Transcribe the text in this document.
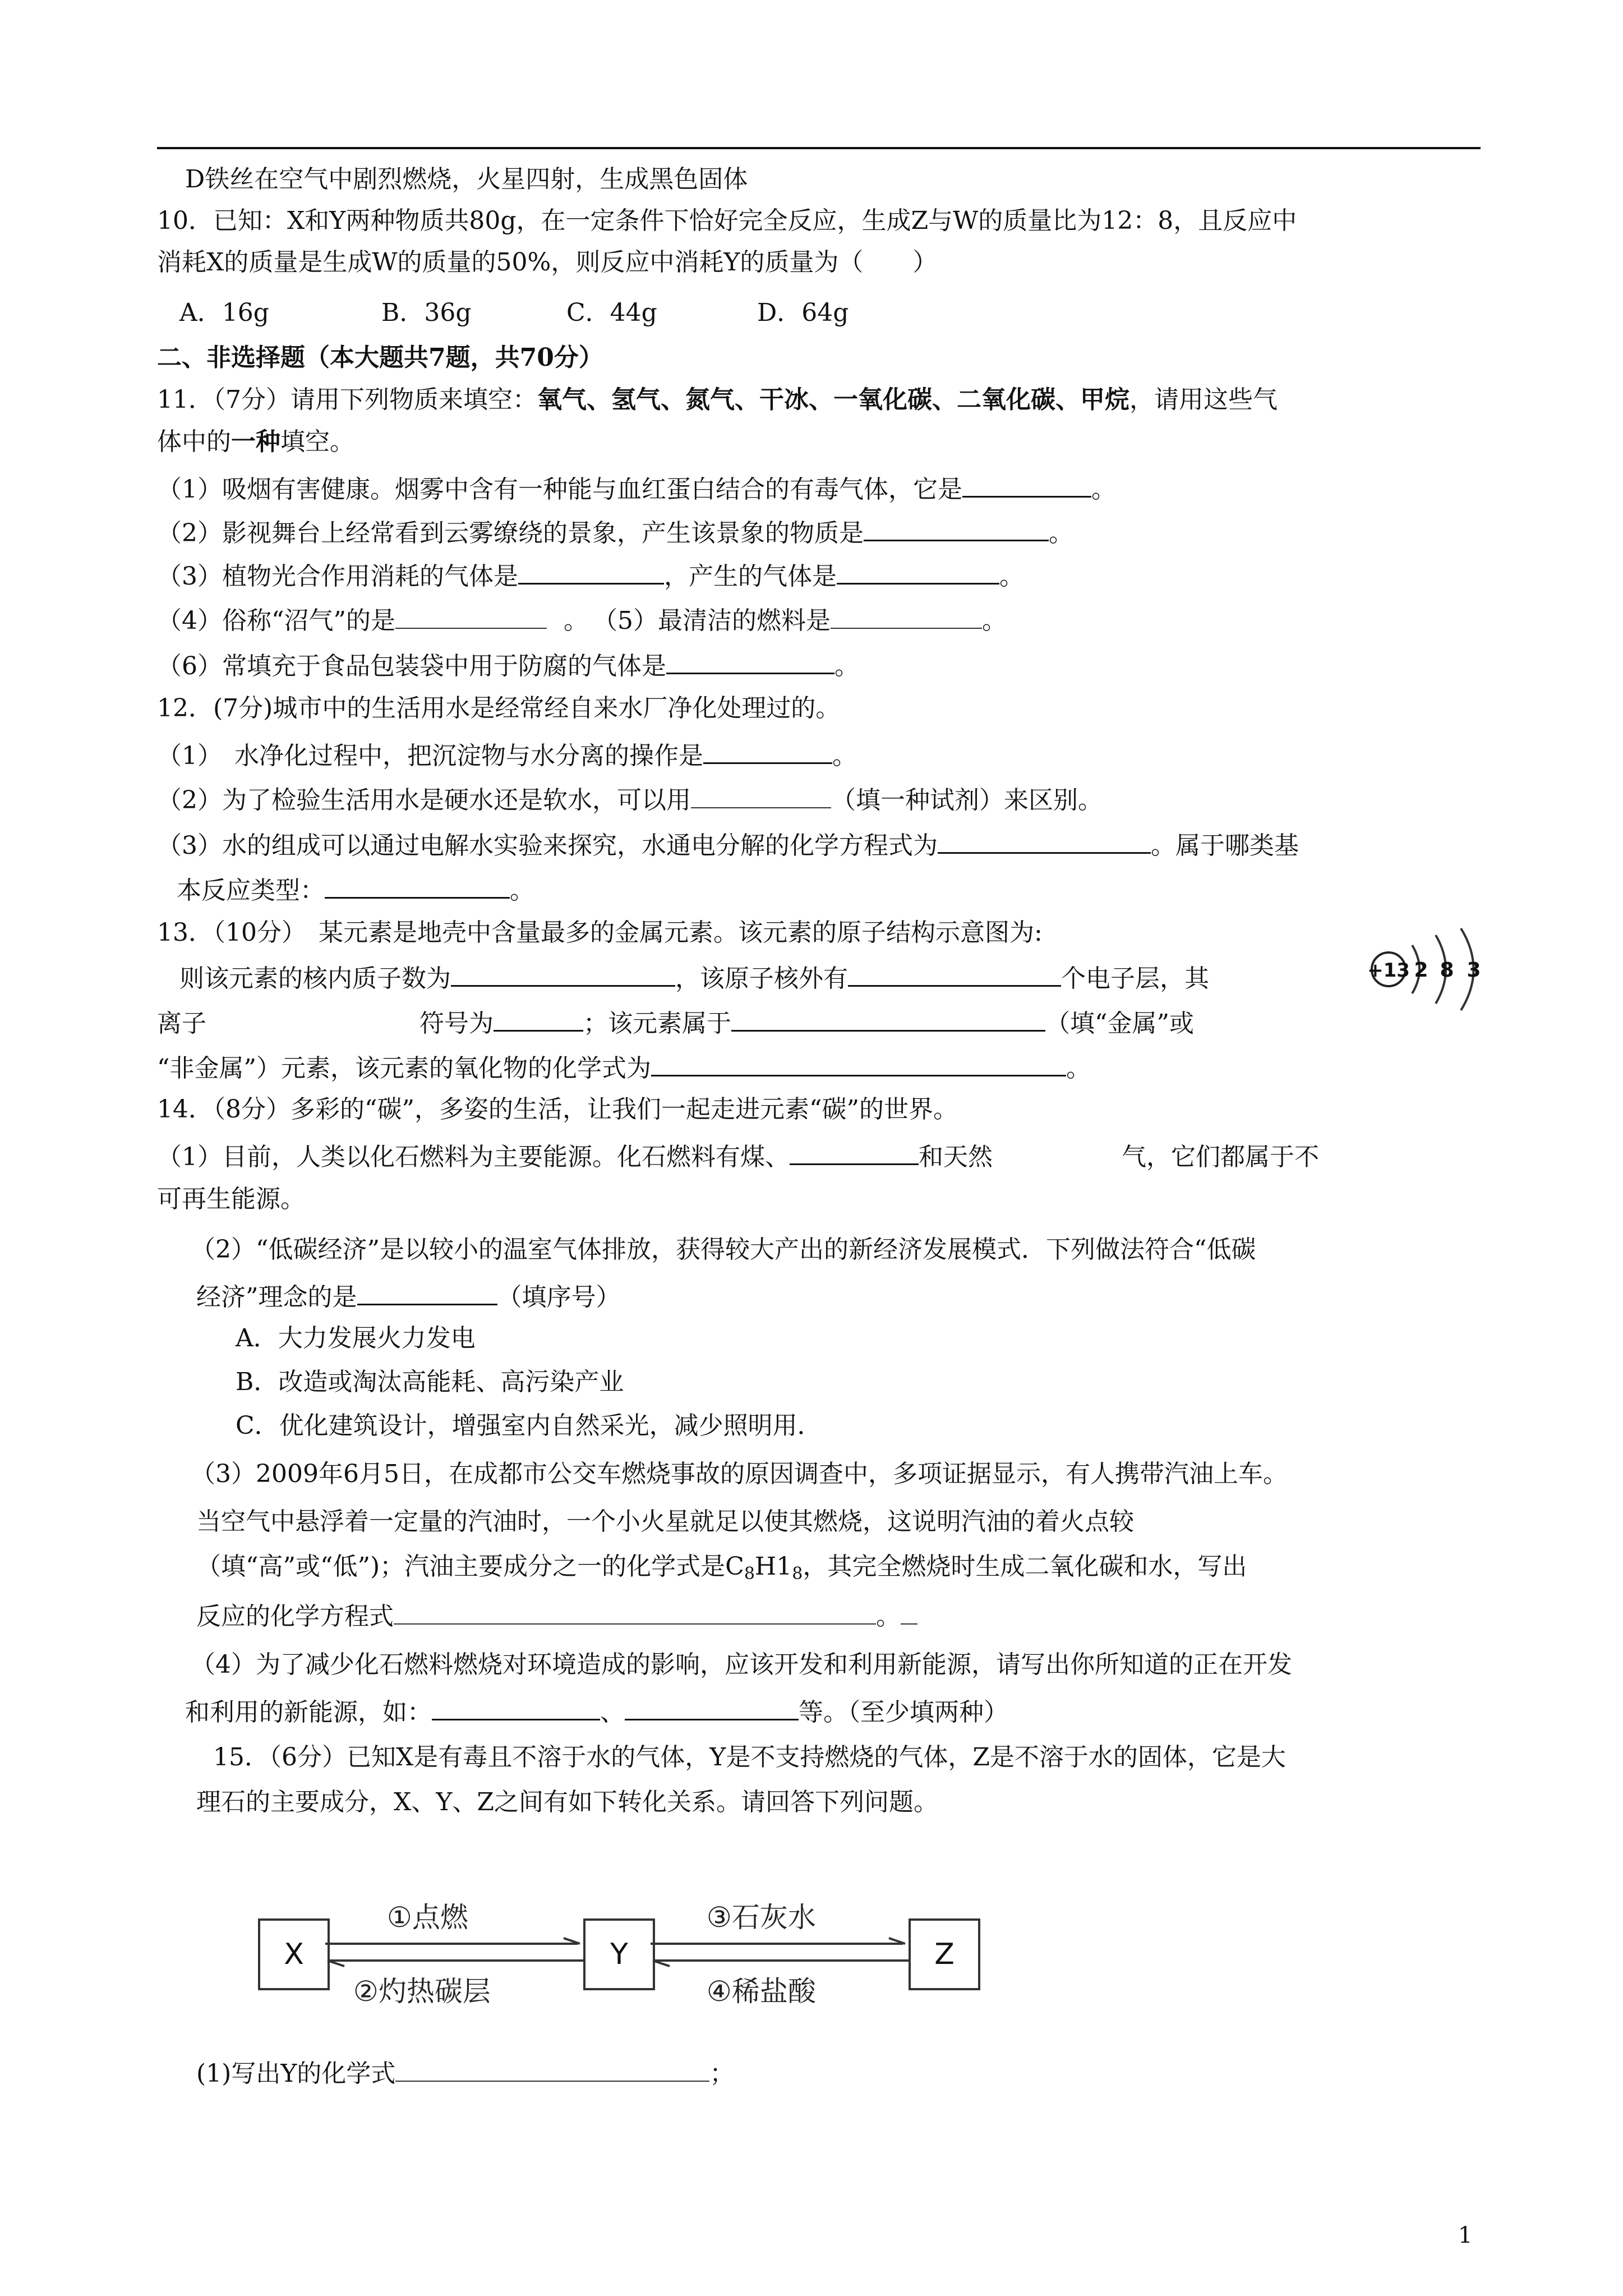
D铁丝在空气中剧烈燃烧，火星四射，生成黑色固体
10．已知：X和Y两种物质共80g，在一定条件下恰好完全反应，生成Z与W的质量比为12：8，且反应中
消耗X的质量是生成W的质量的50%，则反应中消耗Y的质量为（　　）
A．16g	B．36g	C．44g	D．64g
二、非选择题（本大题共7题，共70分）
11．（7分）请用下列物质来填空：氧气、氢气、氮气、干冰、一氧化碳、二氧化碳、甲烷，请用这些气
体中的一种填空。
（1）吸烟有害健康。烟雾中含有一种能与血红蛋白结合的有毒气体，它是	。
（2）影视舞台上经常看到云雾缭绕的景象，产生该景象的物质是	。
（3）植物光合作用消耗的气体是	，产生的气体是	。
（4）俗称“沼气”的是	。 （5）最清洁的燃料是	。
（6）常填充于食品包装袋中用于防腐的气体是	。
12．(7分)城市中的生活用水是经常经自来水厂净化处理过的。
（1）　水净化过程中，把沉淀物与水分离的操作是	。
（2）为了检验生活用水是硬水还是软水，可以用	（填一种试剂）来区别。
（3）水的组成可以通过电解水实验来探究，水通电分解的化学方程式为	。属于哪类基
本反应类型：	。
13．（10分）　某元素是地壳中含量最多的金属元素。该元素的原子结构示意图为:
则该元素的核内质子数为	，该原子核外有	个电子层，其
离子	符号为	；该元素属于	（填“金属”或
“非金属”）元素，该元素的氧化物的化学式为	。
+13 2 8 3
14．（8分）多彩的“碳”，多姿的生活，让我们一起走进元素“碳”的世界。
（1）目前，人类以化石燃料为主要能源。化石燃料有煤、	和天然	气，它们都属于不
可再生能源。
（2）“低碳经济”是以较小的温室气体排放，获得较大产出的新经济发展模式．下列做法符合“低碳
经济”理念的是	（填序号）
A．大力发展火力发电
B．改造或淘汰高能耗、高污染产业
C．优化建筑设计，增强室内自然采光，减少照明用．
（3）2009年6月5日，在成都市公交车燃烧事故的原因调查中，多项证据显示，有人携带汽油上车。
当空气中悬浮着一定量的汽油时，一个小火星就足以使其燃烧，这说明汽油的着火点较
（填“高”或“低”)；汽油主要成分之一的化学式是$C_8H1_8$，其完全燃烧时生成二氧化碳和水，写出
反应的化学方程式	。
（4）为了减少化石燃料燃烧对环境造成的影响，应该开发和利用新能源，请写出你所知道的正在开发
和利用的新能源，如：	、	等。（至少填两种）
15．（6分）已知X是有毒且不溶于水的气体，Y是不支持燃烧的气体，Z是不溶于水的固体，它是大
理石的主要成分，X、Y、Z之间有如下转化关系。请回答下列问题。
X	Y	Z
①点燃
②灼热碳层
③石灰水
④稀盐酸
(1)写出Y的化学式	；
1
